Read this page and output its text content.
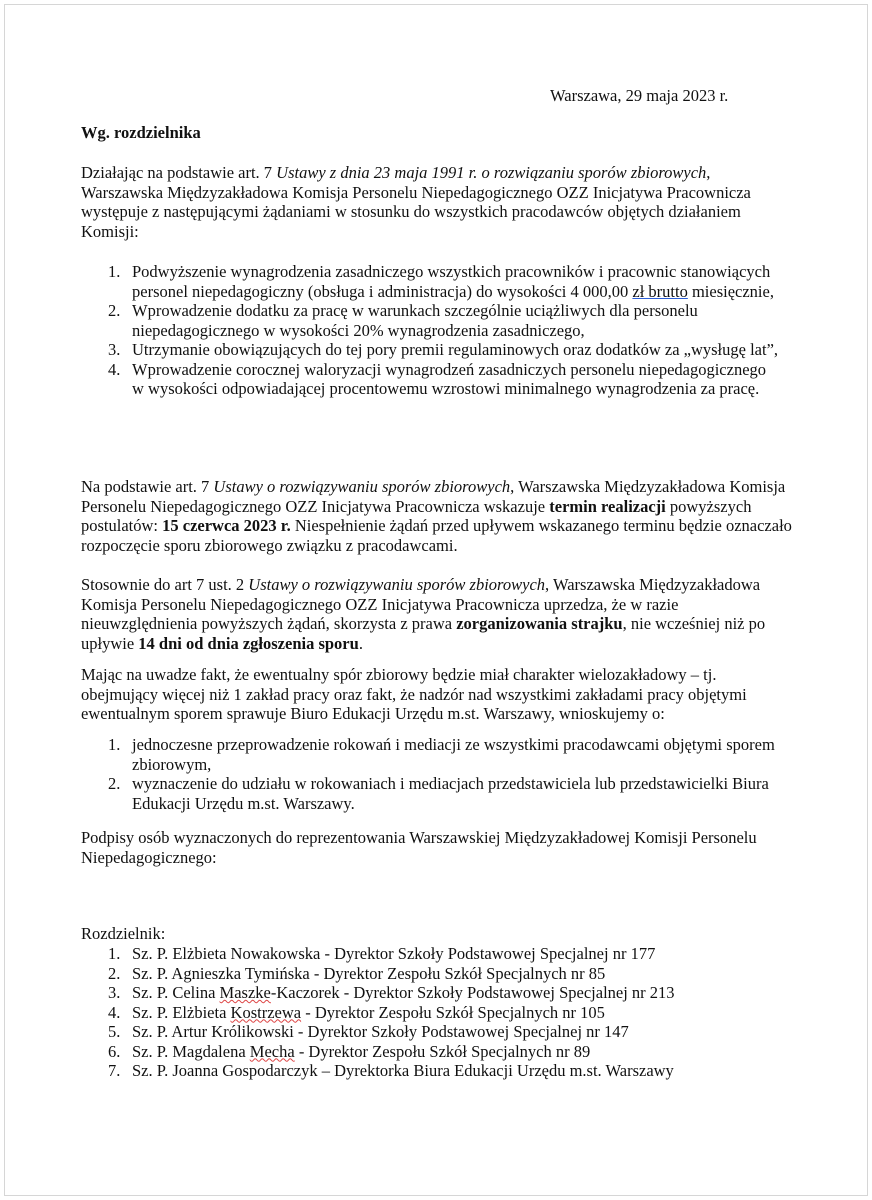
Warszawa, 29 maja 2023 r.
Wg. rozdzielnika

Działając na podstawie art. 7 Ustawy z dnia 23 maja 1991 r. o rozwiązaniu sporów zbiorowych, Warszawska Międzyzakładowa Komisja Personelu Niepedagogicznego OZZ Inicjatywa Pracownicza występuje z następującymi żądaniami w stosunku do wszystkich pracodawców objętych działaniem Komisji:

1. Podwyższenie wynagrodzenia zasadniczego wszystkich pracowników i pracownic stanowiących personel niepedagogiczny (obsługa i administracja) do wysokości 4 000,00 zł brutto miesięcznie,
2. Wprowadzenie dodatku za pracę w warunkach szczególnie uciążliwych dla personelu niepedagogicznego w wysokości 20% wynagrodzenia zasadniczego,
3. Utrzymanie obowiązujących do tej pory premii regulaminowych oraz dodatków za „wysługę lat”,
4. Wprowadzenie corocznej waloryzacji wynagrodzeń zasadniczych personelu niepedagogicznego w wysokości odpowiadającej procentowemu wzrostowi minimalnego wynagrodzenia za pracę.

Na podstawie art. 7 Ustawy o rozwiązywaniu sporów zbiorowych, Warszawska Międzyzakładowa Komisja Personelu Niepedagogicznego OZZ Inicjatywa Pracownicza wskazuje termin realizacji powyższych postulatów: 15 czerwca 2023 r. Niespełnienie żądań przed upływem wskazanego terminu będzie oznaczało rozpoczęcie sporu zbiorowego związku z pracodawcami.

Stosownie do art 7 ust. 2 Ustawy o rozwiązywaniu sporów zbiorowych, Warszawska Międzyzakładowa Komisja Personelu Niepedagogicznego OZZ Inicjatywa Pracownicza uprzedza, że w razie nieuwzględnienia powyższych żądań, skorzysta z prawa zorganizowania strajku, nie wcześniej niż po upływie 14 dni od dnia zgłoszenia sporu.

Mając na uwadze fakt, że ewentualny spór zbiorowy będzie miał charakter wielozakładowy – tj. obejmujący więcej niż 1 zakład pracy oraz fakt, że nadzór nad wszystkimi zakładami pracy objętymi ewentualnym sporem sprawuje Biuro Edukacji Urzędu m.st. Warszawy, wnioskujemy o:

1. jednoczesne przeprowadzenie rokowań i mediacji ze wszystkimi pracodawcami objętymi sporem zbiorowym,
2. wyznaczenie do udziału w rokowaniach i mediacjach przedstawiciela lub przedstawicielki Biura Edukacji Urzędu m.st. Warszawy.

Podpisy osób wyznaczonych do reprezentowania Warszawskiej Międzyzakładowej Komisji Personelu Niepedagogicznego:

Rozdzielnik:

1. Sz. P. Elżbieta Nowakowska - Dyrektor Szkoły Podstawowej Specjalnej nr 177
2. Sz. P. Agnieszka Tymińska - Dyrektor Zespołu Szkół Specjalnych nr 85
3. Sz. P. Celina Maszke-Kaczorek - Dyrektor Szkoły Podstawowej Specjalnej nr 213
4. Sz. P. Elżbieta Kostrzewa - Dyrektor Zespołu Szkół Specjalnych nr 105
5. Sz. P. Artur Królikowski - Dyrektor Szkoły Podstawowej Specjalnej nr 147
6. Sz. P. Magdalena Mecha - Dyrektor Zespołu Szkół Specjalnych nr 89
7. Sz. P. Joanna Gospodarczyk – Dyrektorka Biura Edukacji Urzędu m.st. Warszawy
